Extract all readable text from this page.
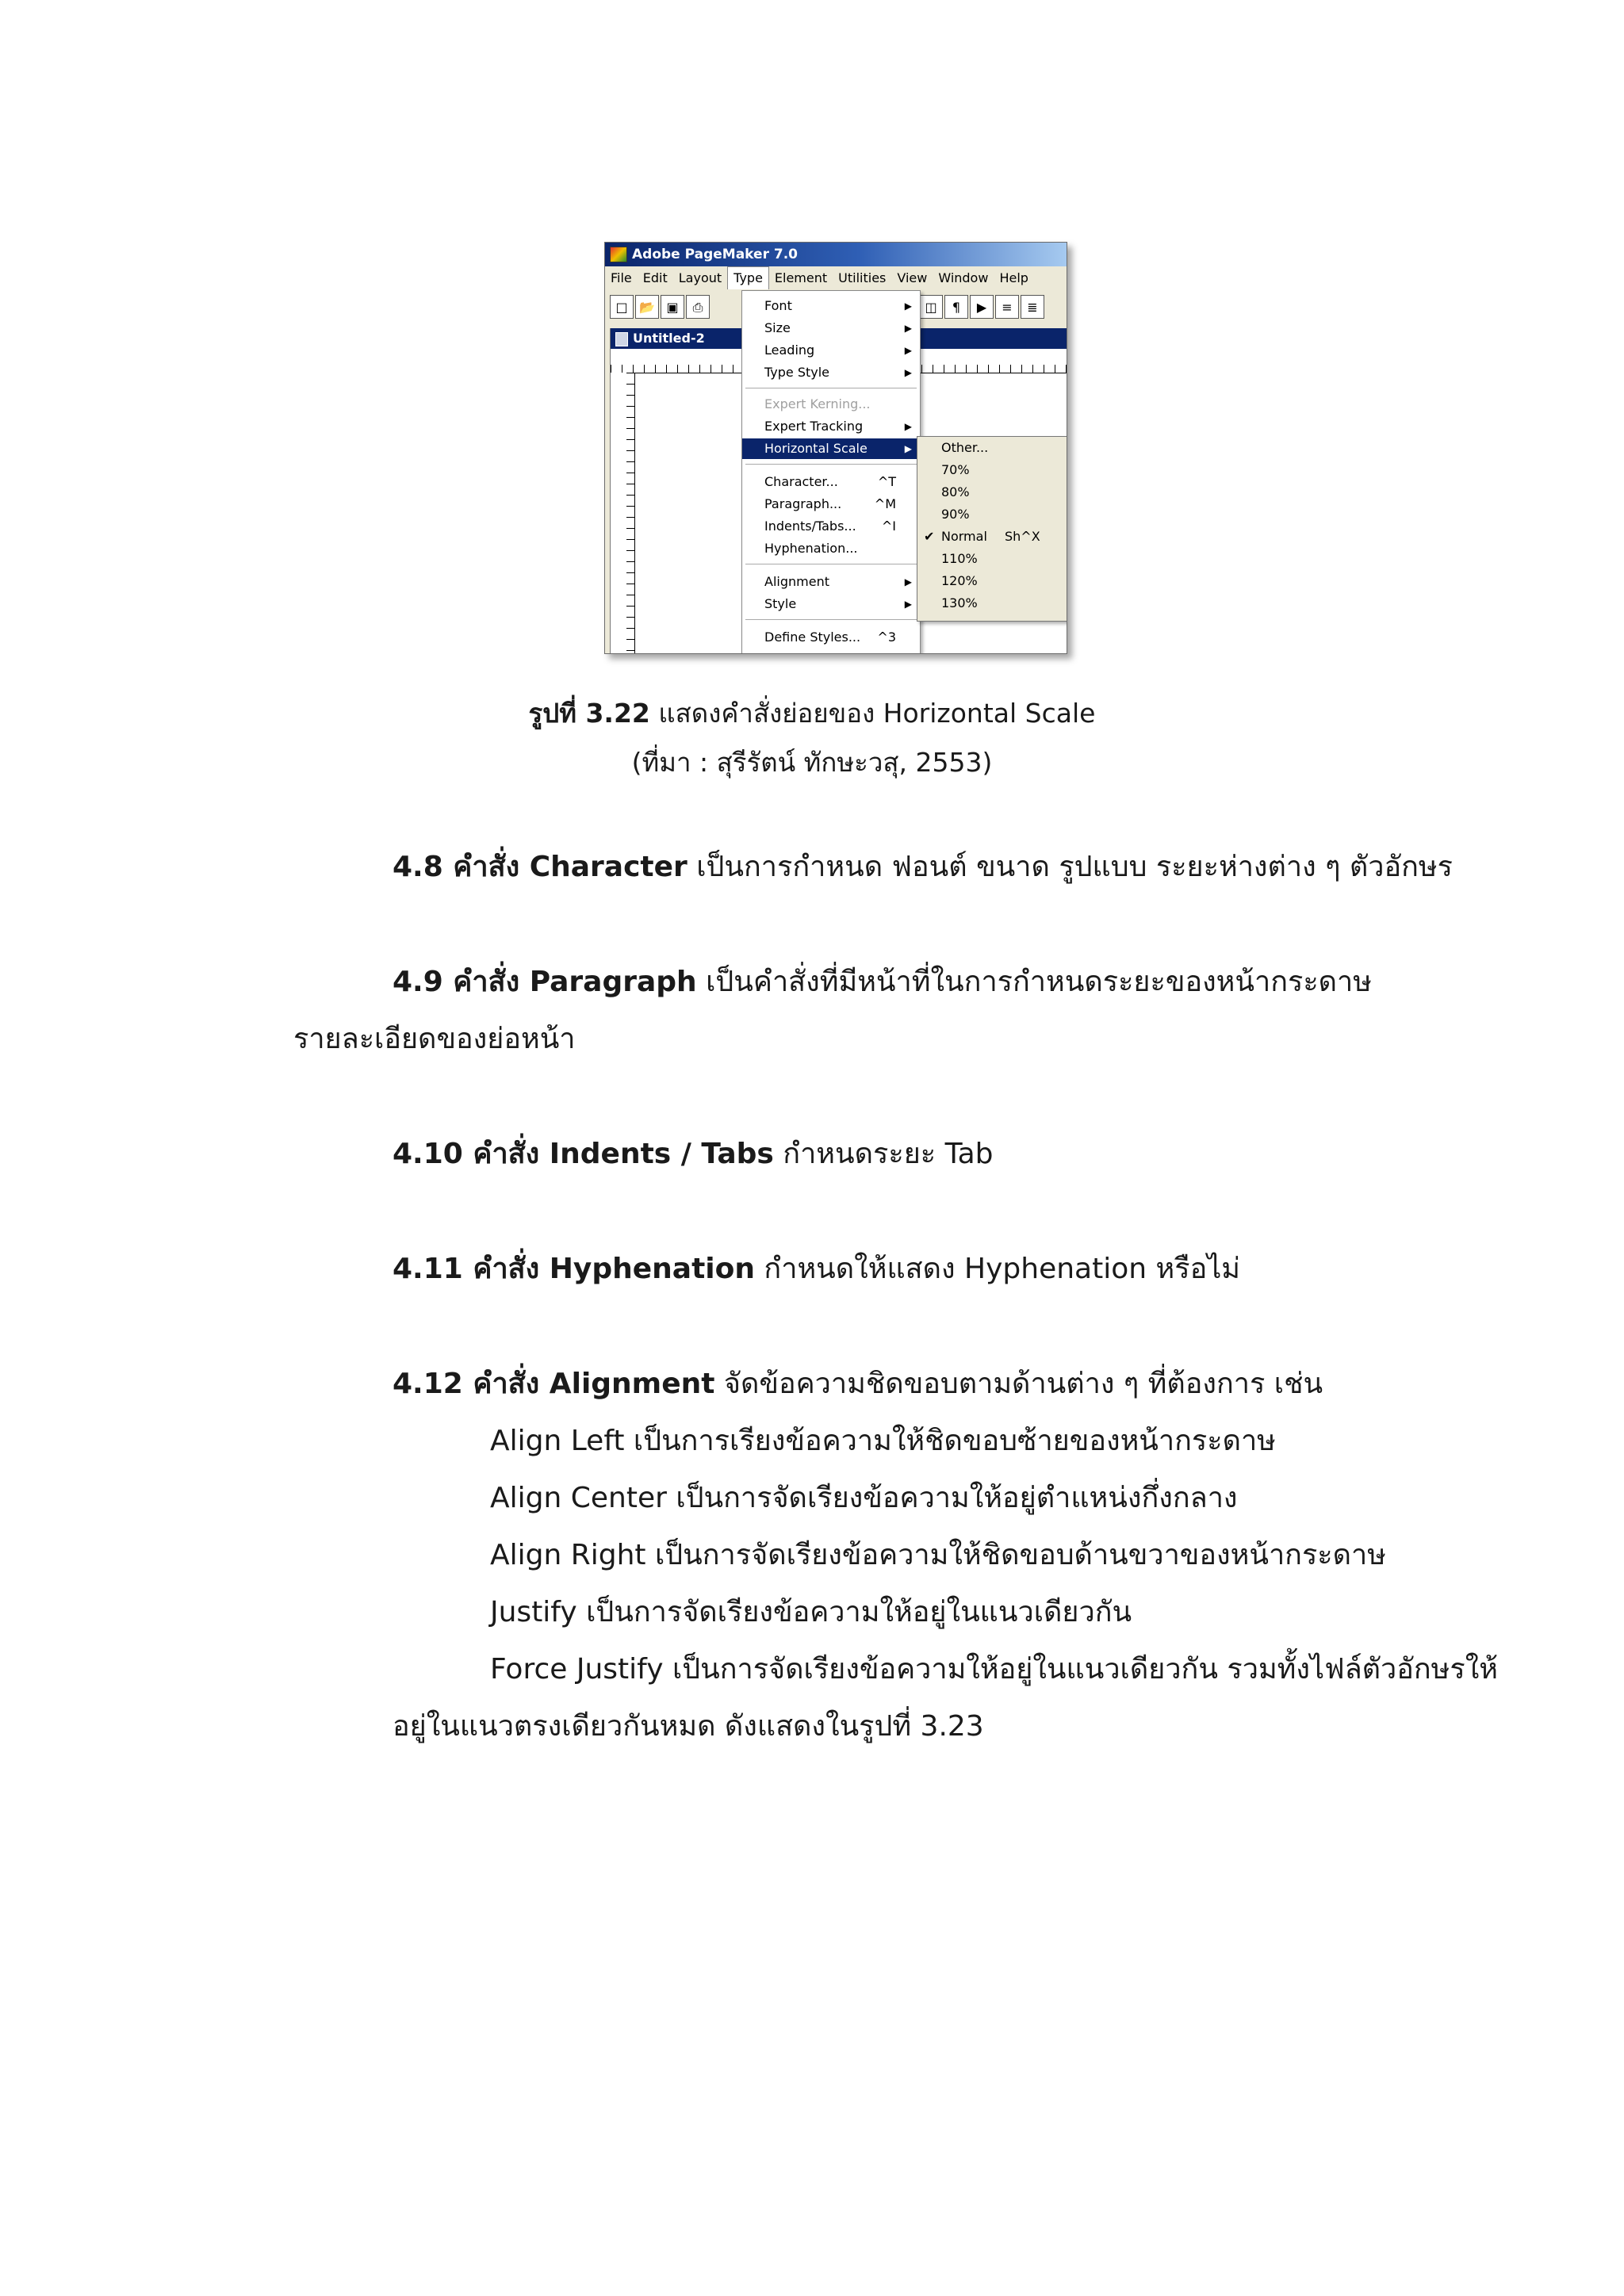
Adobe PageMaker 7.0
File Edit Layout Type Element Utilities View Window Help
□ 📂 ▣	⎙	◫	¶	▶	≡	≣
Untitled-2
Font	▶
Size	▶
Leading	▶
Type Style	▶
Expert Kerning...
Expert Tracking	▶
Horizontal Scale	▶
Character...	^T
Paragraph...	^M
Indents/Tabs... ^I
Hyphenation...
Alignment	▶
Style	▶
Define Styles... ^3
Other...
70%
80%
90%
✔ Normal Sh^X
110%
120%
130%
รูปที่ 3.22 แสดงคำสั่งย่อยของ Horizontal Scale
(ที่มา : สุรีรัตน์ ทักษะวสุ, 2553)
4.8 คำสั่ง Character เป็นการกำหนด ฟอนต์ ขนาด รูปแบบ ระยะห่างต่าง ๆ ตัวอักษร
4.9 คำสั่ง Paragraph เป็นคำสั่งที่มีหน้าที่ในการกำหนดระยะของหน้ากระดาษ
รายละเอียดของย่อหน้า
4.10 คำสั่ง Indents / Tabs กำหนดระยะ Tab
4.11 คำสั่ง Hyphenation กำหนดให้แสดง Hyphenation หรือไม่
4.12 คำสั่ง Alignment จัดข้อความชิดขอบตามด้านต่าง ๆ ที่ต้องการ เช่น
Align Left เป็นการเรียงข้อความให้ชิดขอบซ้ายของหน้ากระดาษ
Align Center เป็นการจัดเรียงข้อความให้อยู่ตำแหน่งกึ่งกลาง
Align Right เป็นการจัดเรียงข้อความให้ชิดขอบด้านขวาของหน้ากระดาษ
Justify เป็นการจัดเรียงข้อความให้อยู่ในแนวเดียวกัน
Force Justify เป็นการจัดเรียงข้อความให้อยู่ในแนวเดียวกัน รวมทั้งไฟล์ตัวอักษรให้
อยู่ในแนวตรงเดียวกันหมด ดังแสดงในรูปที่ 3.23
